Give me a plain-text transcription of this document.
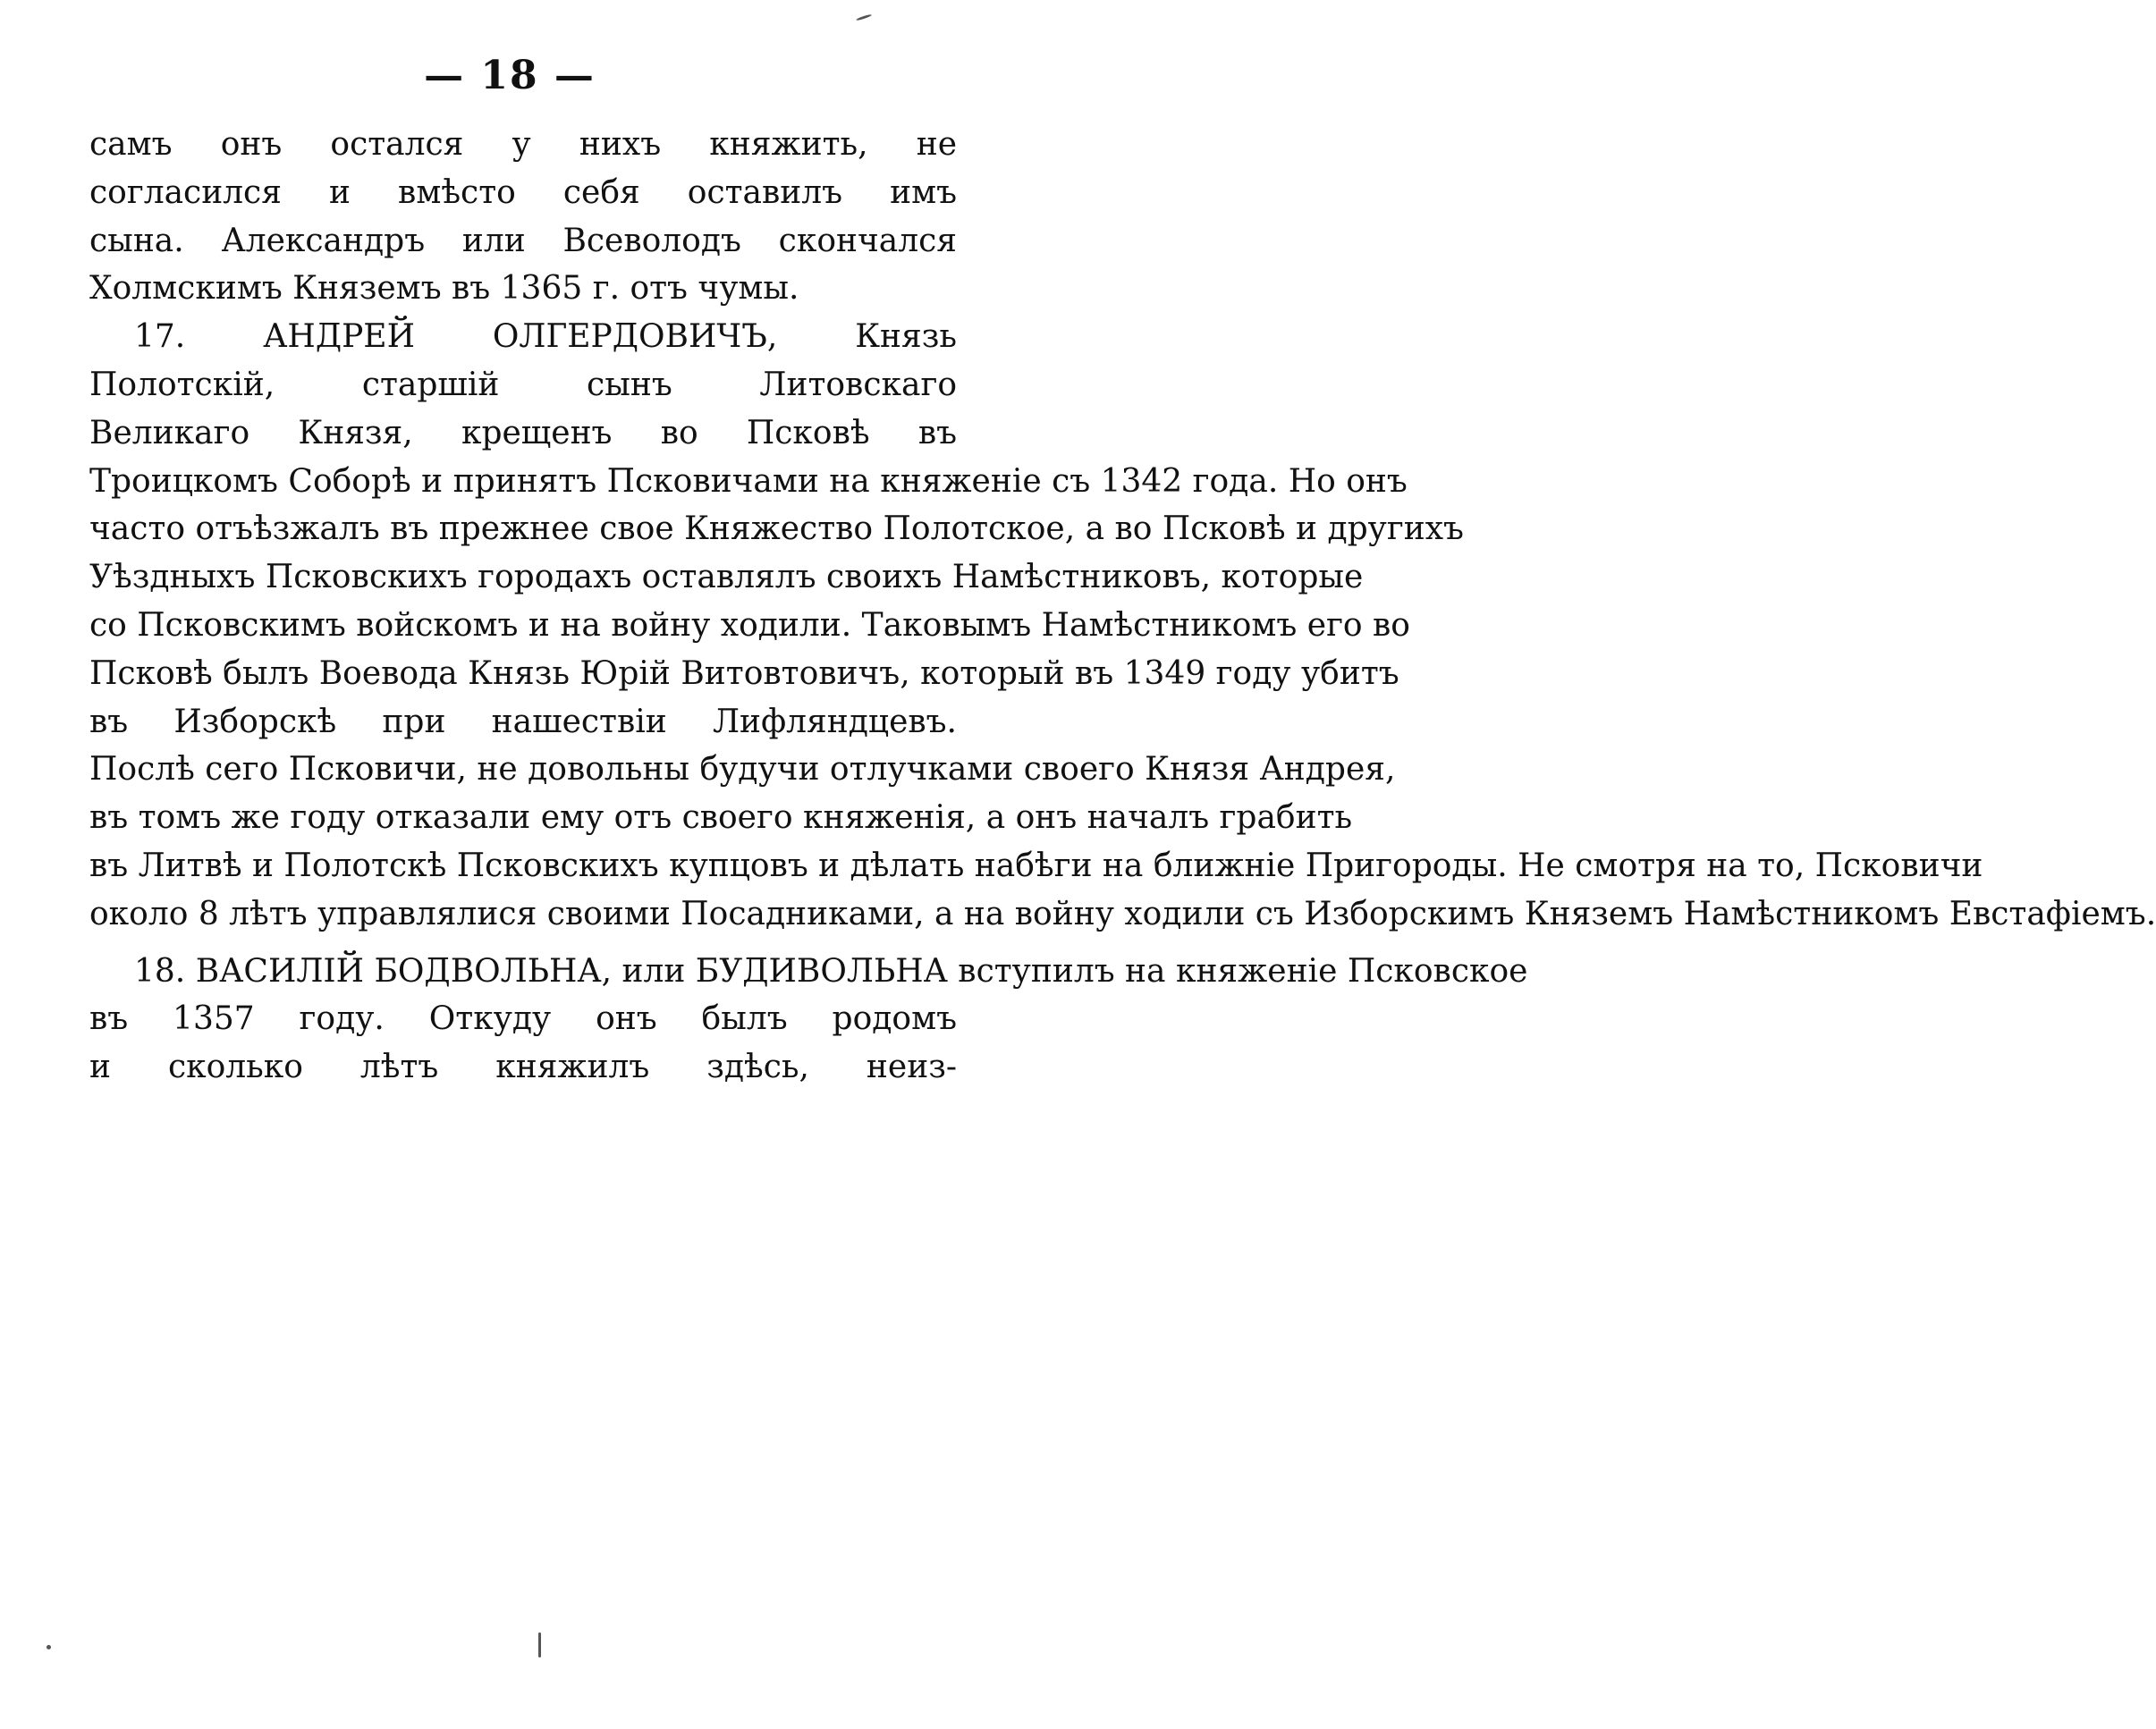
— 18 —
самъ онъ остался у нихъ княжить, не
согласился и вмѣсто себя оставилъ имъ
сына. Александръ или Всеволодъ скончался
Холмскимъ Княземъ въ 1365 г. отъ чумы.
17. АНДРЕЙ ОЛГЕРДОВИЧЪ, Князь
Полотскій, старшій сынъ Литовскаго
Великаго Князя, крещенъ во Псковѣ въ
Троицкомъ Соборѣ и принятъ Псковичами на княженіе съ 1342 года. Но онъ
часто отъѣзжалъ въ прежнее свое Княжество Полотское, а во Псковѣ и другихъ
Уѣздныхъ Псковскихъ городахъ оставлялъ своихъ Намѣстниковъ, которые
со Псковскимъ войскомъ и на войну ходили. Таковымъ Намѣстникомъ его во
Псковѣ былъ Воевода Князь Юрій Витовтовичъ, который въ 1349 году убитъ
въ Изборскѣ при нашествіи Лифляндцевъ.
Послѣ сего Псковичи, не довольны будучи отлучками своего Князя Андрея,
въ томъ же году отказали ему отъ своего княженія, а онъ началъ грабить
въ Литвѣ и Полотскѣ Псковскихъ купцовъ и дѣлать набѣги на ближніе Пригороды. Не смотря на то, Псковичи
около 8 лѣтъ управлялися своими Посадниками, а на войну ходили съ Изборскимъ Княземъ Намѣстникомъ Евстафіемъ.
18. ВАСИЛІЙ БОДВОЛЬНА, или БУДИВОЛЬНА вступилъ на княженіе Псковское
въ 1357 году. Откуду онъ былъ родомъ
и сколько лѣтъ княжилъ здѣсь, неиз-
